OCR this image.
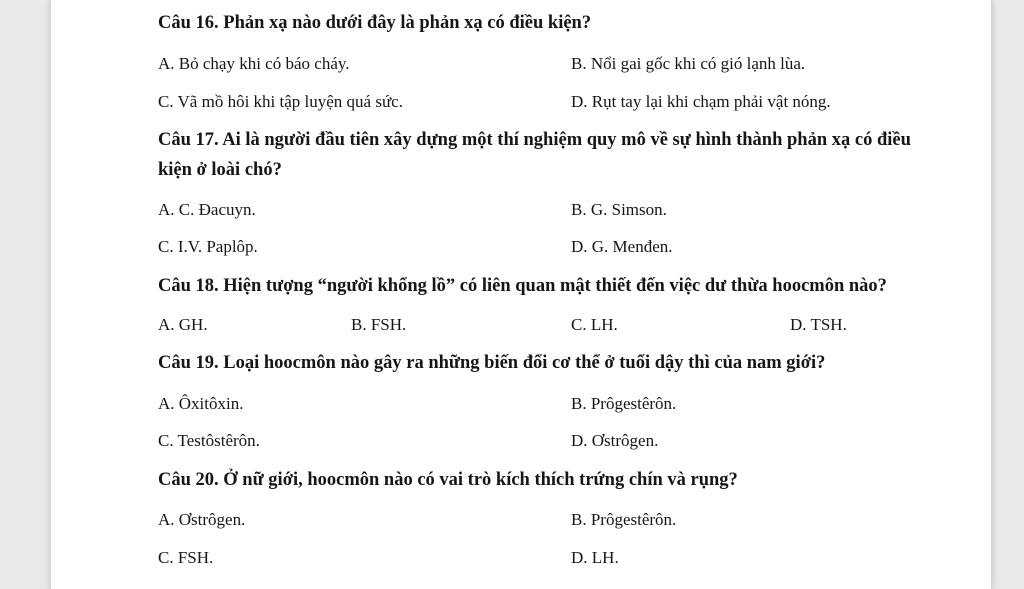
Câu 16. Phản xạ nào dưới đây là phản xạ có điều kiện?
A. Bỏ chạy khi có báo cháy.	B. Nổi gai gốc khi có gió lạnh lùa.
C. Vã mồ hôi khi tập luyện quá sức.	D. Rụt tay lại khi chạm phải vật nóng.
Câu 17. Ai là người đầu tiên xây dựng một thí nghiệm quy mô về sự hình thành phản xạ có điều kiện ở loài chó?
A. C. Đacuyn.	B. G. Simson.
C. I.V. Paplôp.	D. G. Menđen.
Câu 18. Hiện tượng “người khổng lồ” có liên quan mật thiết đến việc dư thừa hoocmôn nào?
A. GH.	B. FSH.	C. LH.	D. TSH.
Câu 19. Loại hoocmôn nào gây ra những biến đổi cơ thể ở tuổi dậy thì của nam giới?
A. Ôxitôxin.	B. Prôgestêrôn.
C. Testôstêrôn.	D. Ơstrôgen.
Câu 20. Ở nữ giới, hoocmôn nào có vai trò kích thích trứng chín và rụng?
A. Ơstrôgen.	B. Prôgestêrôn.
C. FSH.	D. LH.
